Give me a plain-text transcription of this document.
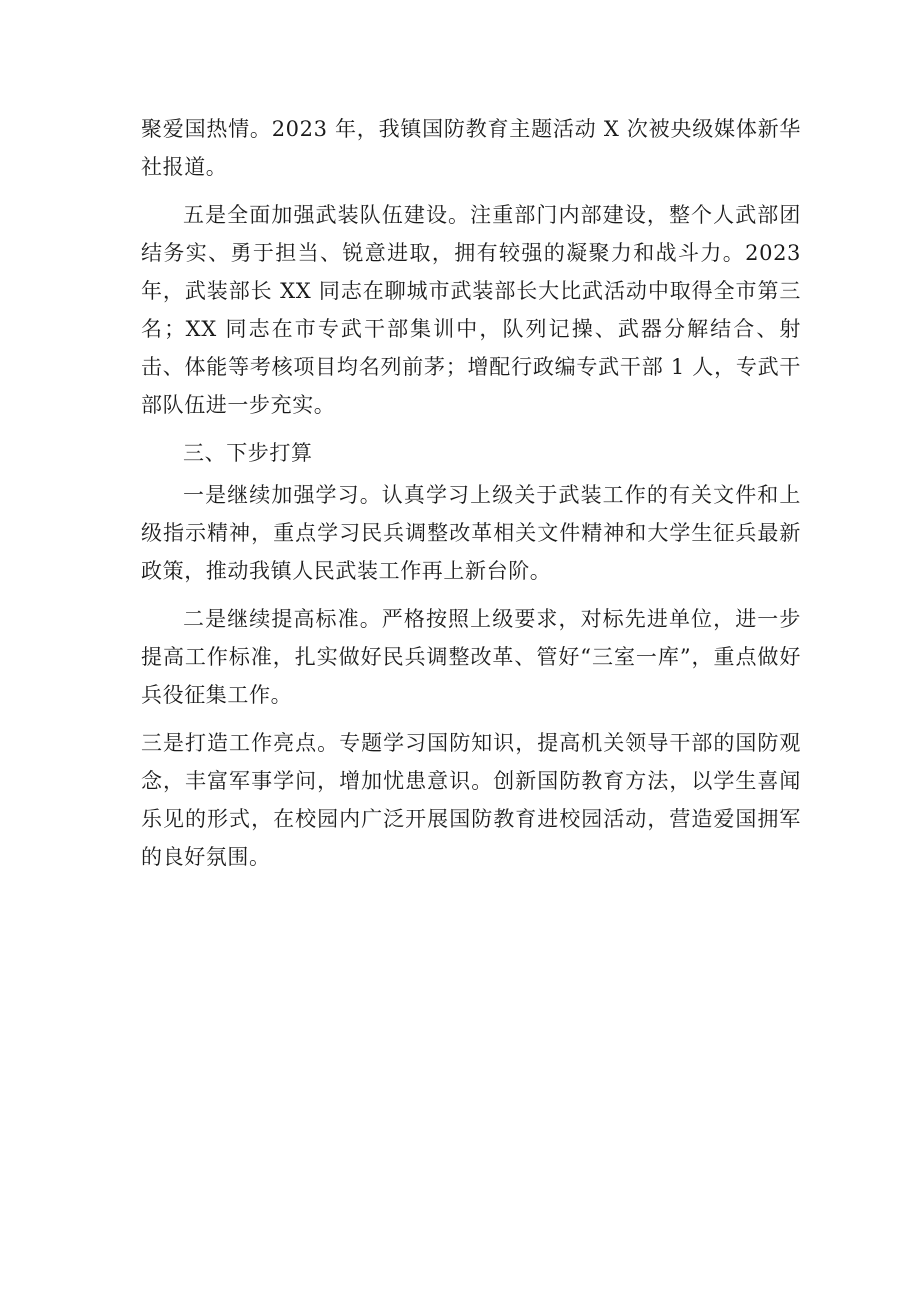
聚爱国热情。2023 年，我镇国防教育主题活动 X 次被央级媒体新华社报道。

五是全面加强武装队伍建设。注重部门内部建设，整个人武部团结务实、勇于担当、锐意进取，拥有较强的凝聚力和战斗力。2023 年，武装部长 XX 同志在聊城市武装部长大比武活动中取得全市第三名；XX 同志在市专武干部集训中，队列记操、武器分解结合、射击、体能等考核项目均名列前茅；增配行政编专武干部 1 人，专武干部队伍进一步充实。

三、下步打算

一是继续加强学习。认真学习上级关于武装工作的有关文件和上级指示精神，重点学习民兵调整改革相关文件精神和大学生征兵最新政策，推动我镇人民武装工作再上新台阶。

二是继续提高标准。严格按照上级要求，对标先进单位，进一步提高工作标准，扎实做好民兵调整改革、管好“三室一库”，重点做好兵役征集工作。

三是打造工作亮点。专题学习国防知识，提高机关领导干部的国防观念，丰富军事学问，增加忧患意识。创新国防教育方法，以学生喜闻乐见的形式，在校园内广泛开展国防教育进校园活动，营造爱国拥军的良好氛围。
